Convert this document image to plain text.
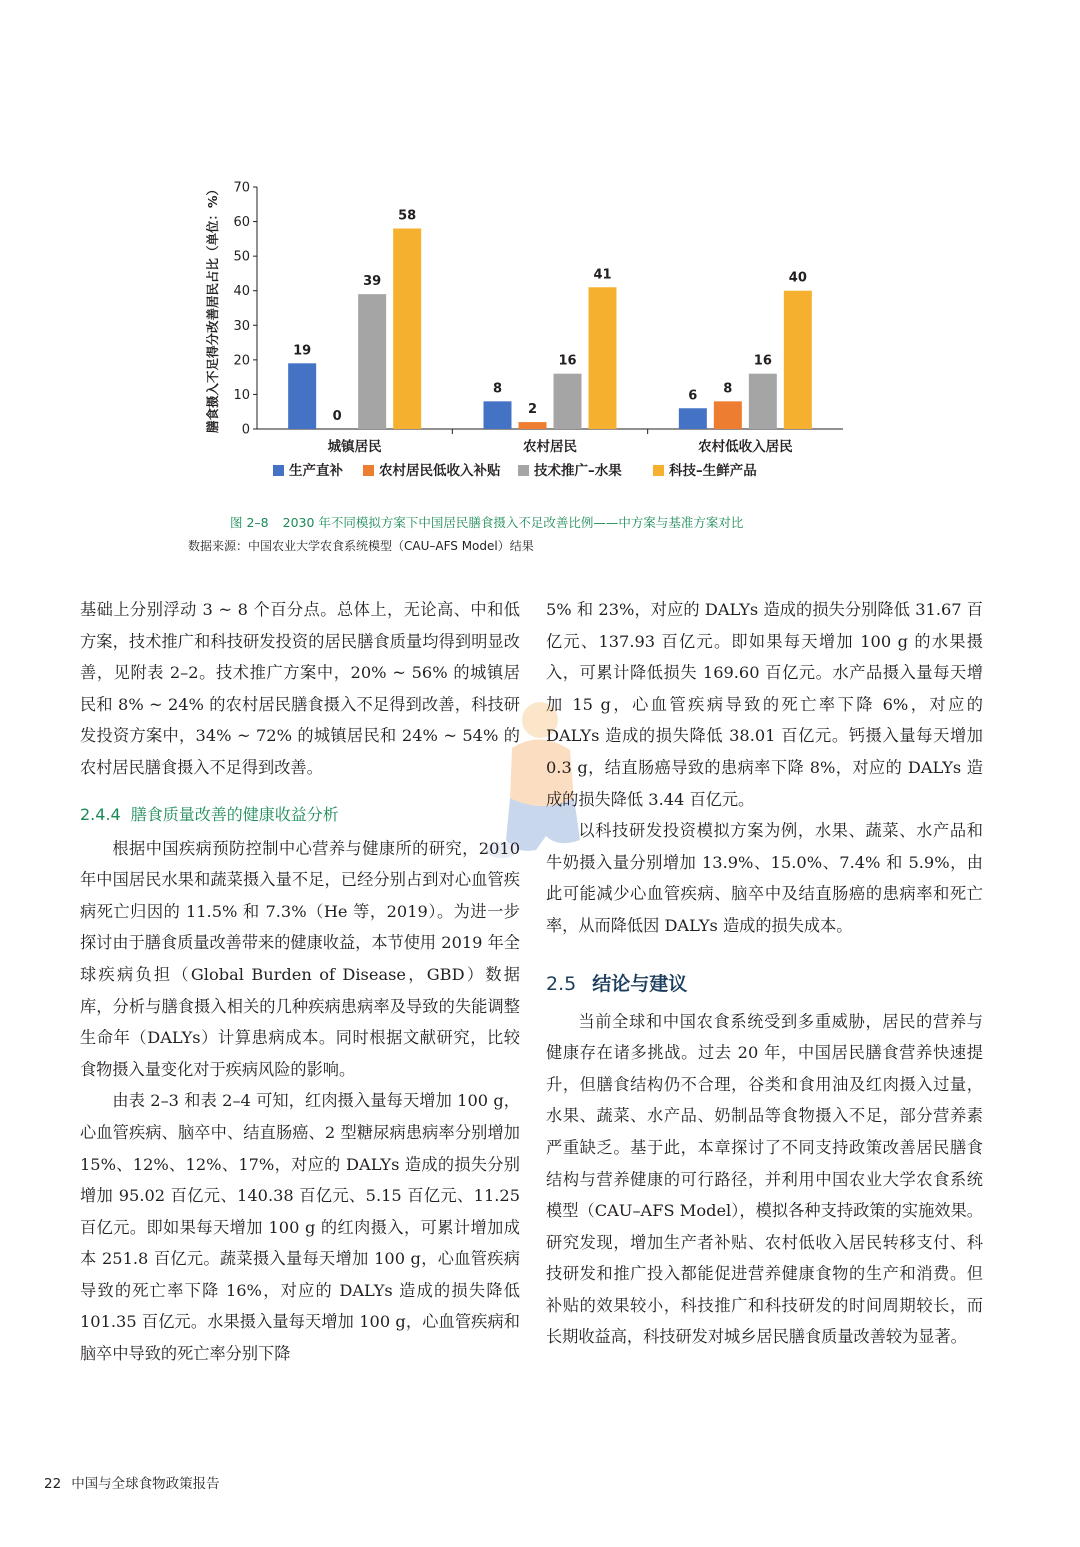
膳食摄入不足得分改善居民占比（单位：%） 0
10
20
30
40
50
60
70
城镇居民
19
0
39
58
农村居民
8
2
16
41
农村低收入居民
6 8
16
40
生产直补	农村居民低收入补贴 技术推广–水果	科技–生鲜产品
图 2–8 2030 年不同模拟方案下中国居民膳食摄入不足改善比例——中方案与基准方案对比
数据来源：中国农业大学农食系统模型（CAU–AFS Model）结果

基础上分别浮动 3 ~ 8 个百分点。总体上，无论高、中和低方案，技术推广和科技研发投资的居民膳食质量均得到明显改善，见附表 2–2。技术推广方案中，20% ~ 56% 的城镇居民和 8% ~ 24% 的农村居民膳食摄入不足得到改善，科技研发投资方案中，34% ~ 72% 的城镇居民和 24% ~ 54% 的农村居民膳食摄入不足得到改善。

2.4.4 膳食质量改善的健康收益分析

根据中国疾病预防控制中心营养与健康所的研究，2010 年中国居民水果和蔬菜摄入量不足，已经分别占到对心血管疾病死亡归因的 11.5% 和 7.3%（He 等，2019）。为进一步探讨由于膳食质量改善带来的健康收益，本节使用 2019 年全球疾病负担（Global Burden of Disease，GBD）数据库，分析与膳食摄入相关的几种疾病患病率及导致的失能调整生命年（DALYs）计算患病成本。同时根据文献研究，比较食物摄入量变化对于疾病风险的影响。

由表 2–3 和表 2–4 可知，红肉摄入量每天增加 100 g，心血管疾病、脑卒中、结直肠癌、2 型糖尿病患病率分别增加 15%、12%、12%、17%，对应的 DALYs 造成的损失分别增加 95.02 百亿元、140.38 百亿元、5.15 百亿元、11.25 百亿元。即如果每天增加 100 g 的红肉摄入，可累计增加成本 251.8 百亿元。蔬菜摄入量每天增加 100 g，心血管疾病导致的死亡率下降 16%，对应的 DALYs 造成的损失降低 101.35 百亿元。水果摄入量每天增加 100 g，心血管疾病和脑卒中导致的死亡率分别下降

5% 和 23%，对应的 DALYs 造成的损失分别降低 31.67 百亿元、137.93 百亿元。即如果每天增加 100 g 的水果摄入，可累计降低损失 169.60 百亿元。水产品摄入量每天增加 15 g，心血管疾病导致的死亡率下降 6%，对应的 DALYs 造成的损失降低 38.01 百亿元。钙摄入量每天增加 0.3 g，结直肠癌导致的患病率下降 8%，对应的 DALYs 造成的损失降低 3.44 百亿元。

以科技研发投资模拟方案为例，水果、蔬菜、水产品和牛奶摄入量分别增加 13.9%、15.0%、7.4% 和 5.9%，由此可能减少心血管疾病、脑卒中及结直肠癌的患病率和死亡率，从而降低因 DALYs 造成的损失成本。

2.5 结论与建议

当前全球和中国农食系统受到多重威胁，居民的营养与健康存在诸多挑战。过去 20 年，中国居民膳食营养快速提升，但膳食结构仍不合理，谷类和食用油及红肉摄入过量，水果、蔬菜、水产品、奶制品等食物摄入不足，部分营养素严重缺乏。基于此，本章探讨了不同支持政策改善居民膳食结构与营养健康的可行路径，并利用中国农业大学农食系统模型（CAU–AFS Model），模拟各种支持政策的实施效果。研究发现，增加生产者补贴、农村低收入居民转移支付、科技研发和推广投入都能促进营养健康食物的生产和消费。但补贴的效果较小，科技推广和科技研发的时间周期较长，而长期收益高，科技研发对城乡居民膳食质量改善较为显著。

22 中国与全球食物政策报告
